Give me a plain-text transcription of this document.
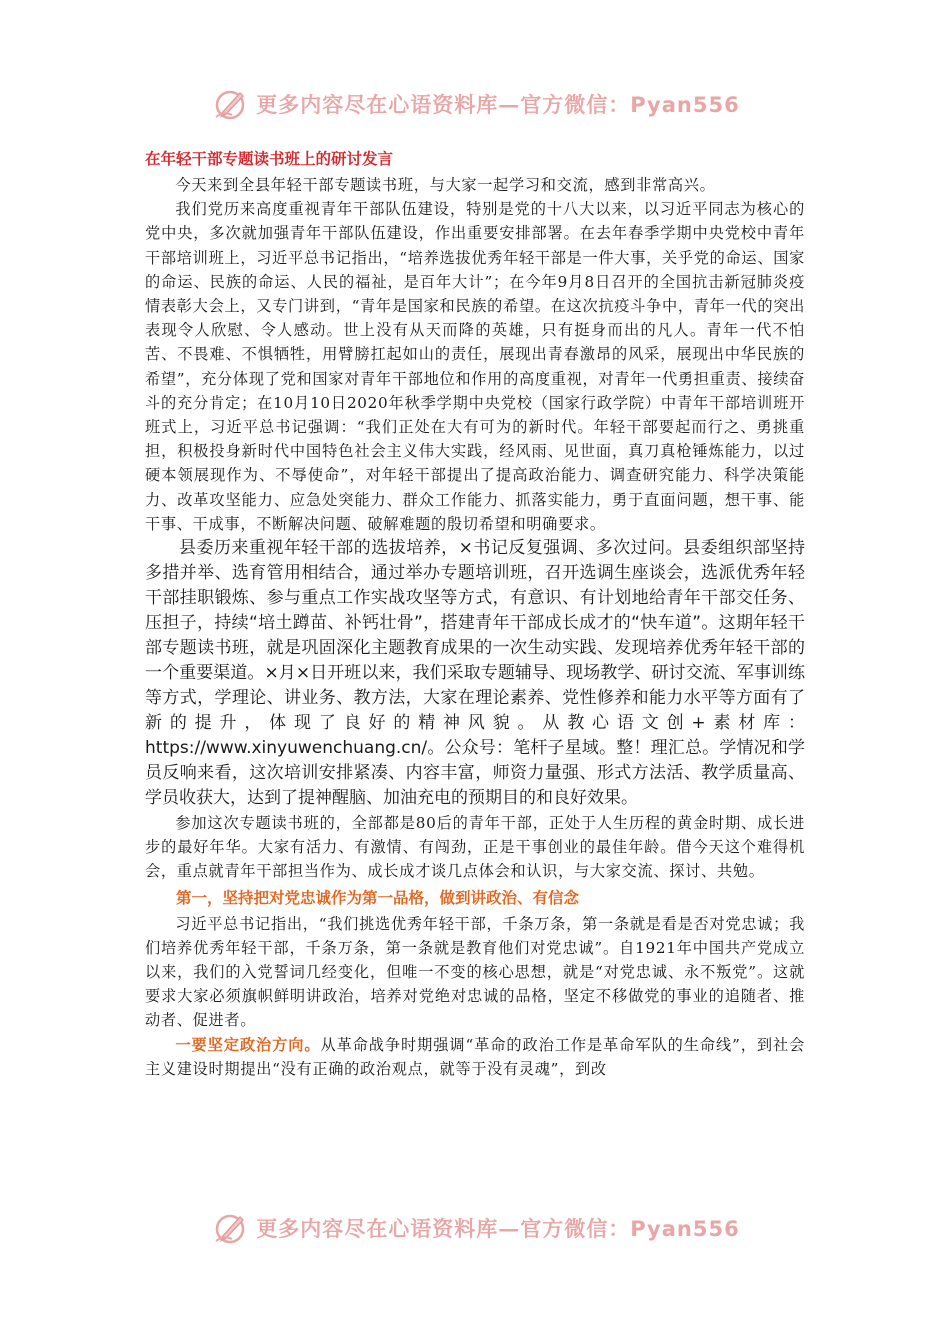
更多内容尽在心语资料库—官方微信：Pyan556
在年轻干部专题读书班上的研讨发言

今天来到全县年轻干部专题读书班，与大家一起学习和交流，感到非常高兴。

我们党历来高度重视青年干部队伍建设，特别是党的十八大以来，以习近平同志为核心的党中央，多次就加强青年干部队伍建设，作出重要安排部署。在去年春季学期中央党校中青年干部培训班上，习近平总书记指出，“培养选拔优秀年轻干部是一件大事，关乎党的命运、国家的命运、民族的命运、人民的福祉，是百年大计”；在今年9月8日召开的全国抗击新冠肺炎疫情表彰大会上，又专门讲到，“青年是国家和民族的希望。在这次抗疫斗争中，青年一代的突出表现令人欣慰、令人感动。世上没有从天而降的英雄，只有挺身而出的凡人。青年一代不怕苦、不畏难、不惧牺牲，用臂膀扛起如山的责任，展现出青春激昂的风采，展现出中华民族的希望”，充分体现了党和国家对青年干部地位和作用的高度重视，对青年一代勇担重责、接续奋斗的充分肯定；在10月10日2020年秋季学期中央党校（国家行政学院）中青年干部培训班开班式上，习近平总书记强调：“我们正处在大有可为的新时代。年轻干部要起而行之、勇挑重担，积极投身新时代中国特色社会主义伟大实践，经风雨、见世面，真刀真枪锤炼能力，以过硬本领展现作为、不辱使命”，对年轻干部提出了提高政治能力、调查研究能力、科学决策能力、改革攻坚能力、应急处突能力、群众工作能力、抓落实能力，勇于直面问题，想干事、能干事、干成事，不断解决问题、破解难题的殷切希望和明确要求。

县委历来重视年轻干部的选拔培养，×书记反复强调、多次过问。县委组织部坚持多措并举、选育管用相结合，通过举办专题培训班，召开选调生座谈会，选派优秀年轻干部挂职锻炼、参与重点工作实战攻坚等方式，有意识、有计划地给青年干部交任务、压担子，持续“培土蹲苗、补钙壮骨”，搭建青年干部成长成才的“快车道”。这期年轻干部专题读书班，就是巩固深化主题教育成果的一次生动实践、发现培养优秀年轻干部的一个重要渠道。×月×日开班以来，我们采取专题辅导、现场教学、研讨交流、军事训练等方式，学理论、讲业务、教方法，大家在理论素养、党性修养和能力水平等方面有了新的提升，体现了良好的精神风貌。从教心语文创+素材库：https://www.xinyuwenchuang.cn/。公众号：笔杆子星域。整！理汇总。学情况和学员反响来看，这次培训安排紧凑、内容丰富，师资力量强、形式方法活、教学质量高、学员收获大，达到了提神醒脑、加油充电的预期目的和良好效果。

参加这次专题读书班的，全部都是80后的青年干部，正处于人生历程的黄金时期、成长进步的最好年华。大家有活力、有激情、有闯劲，正是干事创业的最佳年龄。借今天这个难得机会，重点就青年干部担当作为、成长成才谈几点体会和认识，与大家交流、探讨、共勉。

第一，坚持把对党忠诚作为第一品格，做到讲政治、有信念

习近平总书记指出，“我们挑选优秀年轻干部，千条万条，第一条就是看是否对党忠诚；我们培养优秀年轻干部，千条万条，第一条就是教育他们对党忠诚”。自1921年中国共产党成立以来，我们的入党誓词几经变化，但唯一不变的核心思想，就是“对党忠诚、永不叛党”。这就要求大家必须旗帜鲜明讲政治，培养对党绝对忠诚的品格，坚定不移做党的事业的追随者、推动者、促进者。

一要坚定政治方向。从革命战争时期强调“革命的政治工作是革命军队的生命线”，到社会主义建设时期提出“没有正确的政治观点，就等于没有灵魂”，到改

更多内容尽在心语资料库—官方微信：Pyan556
